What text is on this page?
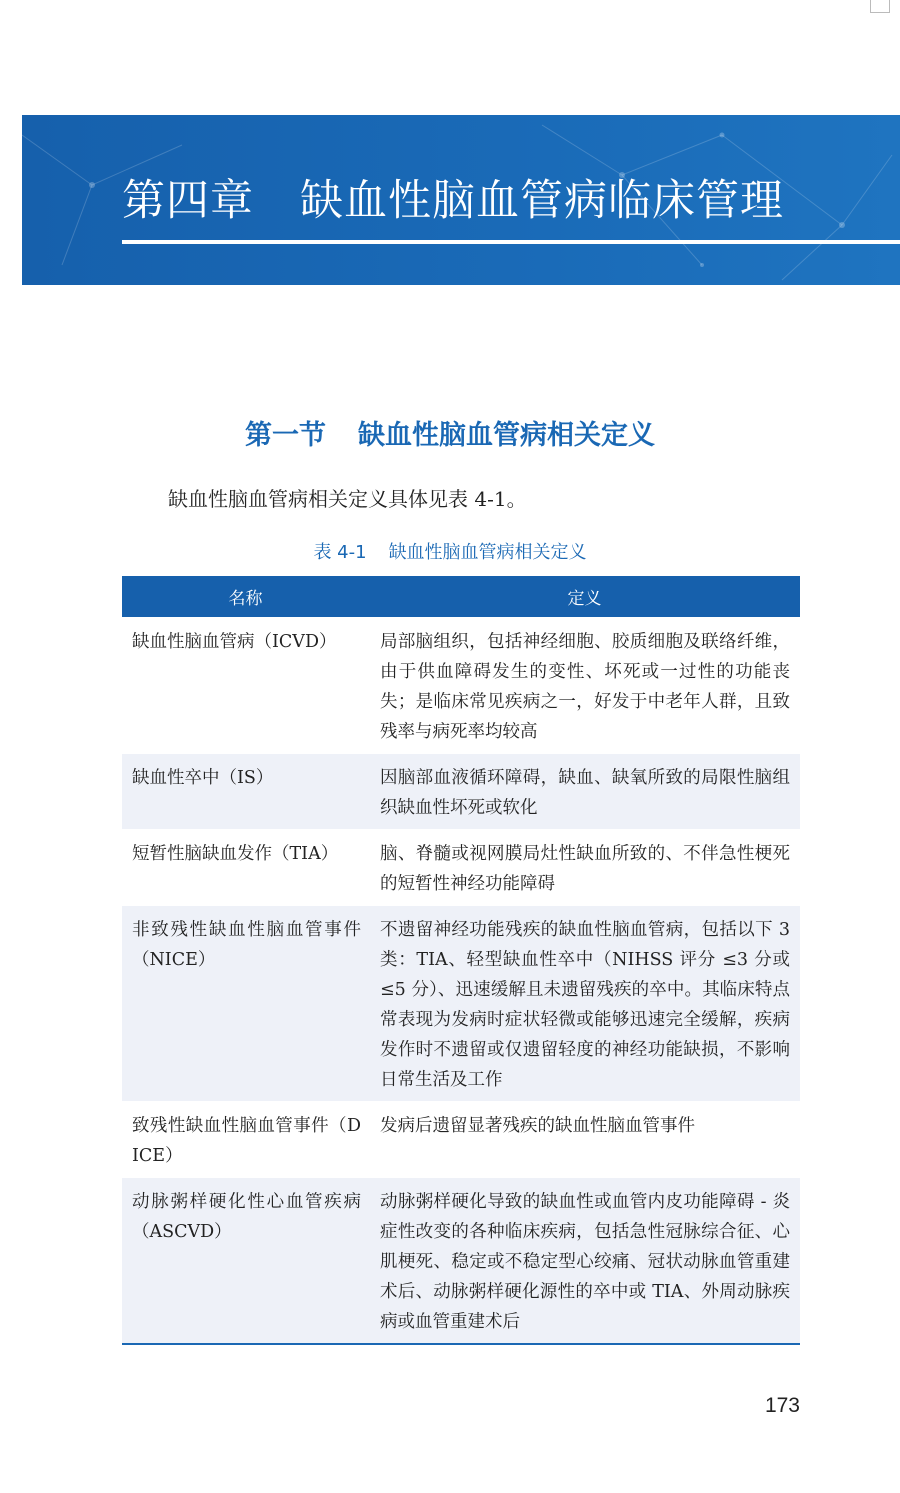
第四章 缺血性脑血管病临床管理
第一节 缺血性脑血管病相关定义
缺血性脑血管病相关定义具体见表 4-1。
表 4-1 缺血性脑血管病相关定义
名称	定义
缺血性脑血管病（ICVD）	局部脑组织，包括神经细胞、胶质细胞及联络纤维，由于供血障碍发生的变性、坏死或一过性的功能丧失；是临床常见疾病之一，好发于中老年人群，且致残率与病死率均较高
缺血性卒中（IS）	因脑部血液循环障碍，缺血、缺氧所致的局限性脑组织缺血性坏死或软化
短暂性脑缺血发作（TIA）	脑、脊髓或视网膜局灶性缺血所致的、不伴急性梗死的短暂性神经功能障碍
非致残性缺血性脑血管事件（NICE）	不遗留神经功能残疾的缺血性脑血管病，包括以下 3 类：TIA、轻型缺血性卒中（NIHSS 评分 ≤3 分或 ≤5 分）、迅速缓解且未遗留残疾的卒中。其临床特点常表现为发病时症状轻微或能够迅速完全缓解，疾病发作时不遗留或仅遗留轻度的神经功能缺损，不影响日常生活及工作
致残性缺血性脑血管事件（DICE）	发病后遗留显著残疾的缺血性脑血管事件
动脉粥样硬化性心血管疾病（ASCVD）	动脉粥样硬化导致的缺血性或血管内皮功能障碍 - 炎症性改变的各种临床疾病，包括急性冠脉综合征、心肌梗死、稳定或不稳定型心绞痛、冠状动脉血管重建术后、动脉粥样硬化源性的卒中或 TIA、外周动脉疾病或血管重建术后
173
